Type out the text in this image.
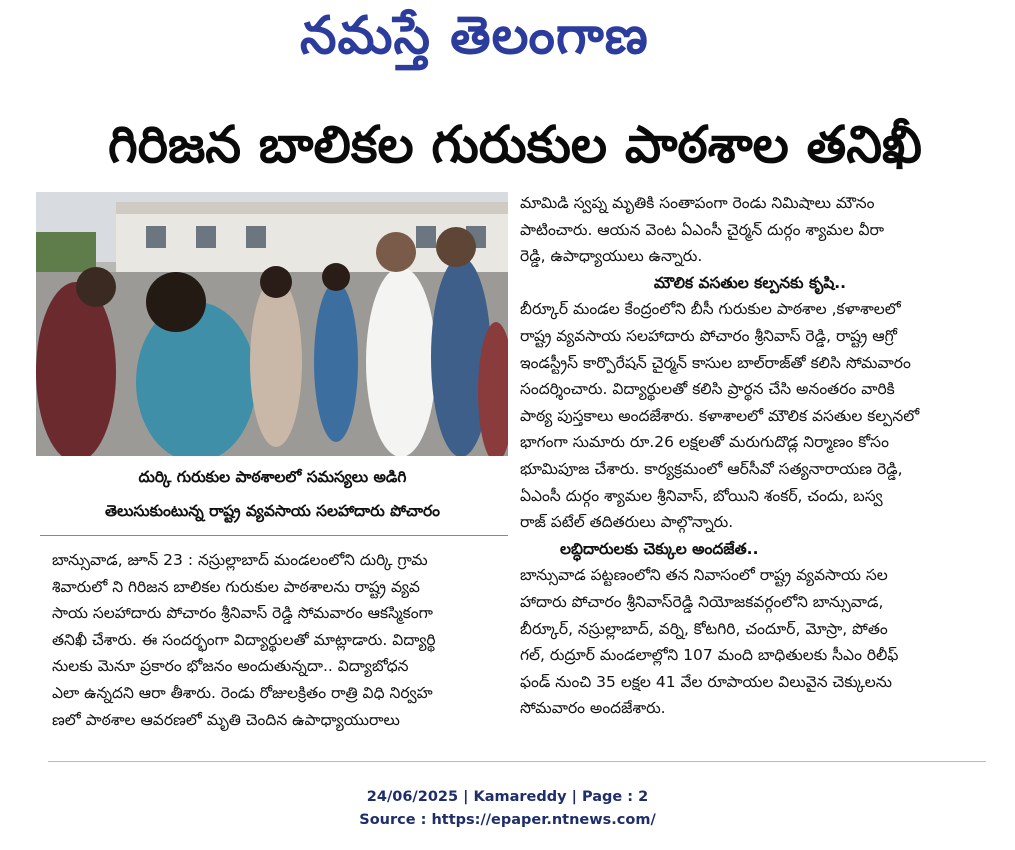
నమస్తే తెలంగాణ
గిరిజన బాలికల గురుకుల పాఠశాల తనిఖీ
దుర్కి గురుకుల పాఠశాలలో సమస్యలు అడిగి
తెలుసుకుంటున్న రాష్ట్ర వ్యవసాయ సలహాదారు పోచారం
బాన్సువాడ, జూన్ 23 : నస్రుల్లాబాద్ మండలంలోని దుర్కి గ్రామ
శివారులో ని గిరిజన బాలికల గురుకుల పాఠశాలను రాష్ట్ర వ్యవ
సాయ సలహాదారు పోచారం శ్రీనివాస్ రెడ్డి సోమవారం ఆకస్మికంగా
తనిఖీ చేశారు. ఈ సందర్భంగా విద్యార్థులతో మాట్లాడారు. విద్యార్థి
నులకు మెనూ ప్రకారం భోజనం అందుతున్నదా.. విద్యాబోధన
ఎలా ఉన్నదని ఆరా తీశారు. రెండు రోజులక్రితం రాత్రి విధి నిర్వహ
ణలో పాఠశాల ఆవరణలో మృతి చెందిన ఉపాధ్యాయురాలు
మామిడి స్వప్న మృతికి సంతాపంగా రెండు నిమిషాలు మౌనం
పాటించారు. ఆయన వెంట ఏఎంసీ చైర్మన్ దుర్గం శ్యామల వీరా
రెడ్డి, ఉపాధ్యాయులు ఉన్నారు.
మౌలిక వసతుల కల్పనకు కృషి..
బీర్కూర్ మండల కేంద్రంలోని బీసీ గురుకుల పాఠశాల ,కళాశాలలో
రాష్ట్ర వ్యవసాయ సలహాదారు పోచారం శ్రీనివాస్ రెడ్డి, రాష్ట్ర ఆగ్రో
ఇండస్ట్రీస్ కార్పొరేషన్ చైర్మన్ కాసుల బాల్‌రాజ్‌తో కలిసి సోమవారం
సందర్శించారు. విద్యార్థులతో కలిసి ప్రార్థన చేసి అనంతరం వారికి
పాఠ్య పుస్తకాలు అందజేశారు. కళాశాలలో మౌలిక వసతుల కల్పనలో
భాగంగా సుమారు రూ.26 లక్షలతో మరుగుదొడ్ల నిర్మాణం కోసం
భూమిపూజ చేశారు. కార్యక్రమంలో ఆర్‌సీవో సత్యనారాయణ రెడ్డి,
ఏఎంసీ దుర్గం శ్యామల శ్రీనివాస్, బోయిని శంకర్, చందు, బస్వ
రాజ్ పటేల్ తదితరులు పాల్గొన్నారు.
లబ్ధిదారులకు చెక్కుల అందజేత..
బాన్సువాడ పట్టణంలోని తన నివాసంలో రాష్ట్ర వ్యవసాయ సల
హాదారు పోచారం శ్రీనివాస్‌రెడ్డి నియోజకవర్గంలోని బాన్సువాడ,
బీర్కూర్, నస్రుల్లాబాద్, వర్ని, కోటగిరి, చందూర్, మోస్రా, పోతం
గల్, రుద్రూర్ మండలాల్లోని 107 మంది బాధితులకు సీఎం రిలీఫ్
ఫండ్ నుంచి 35 లక్షల 41 వేల రూపాయల విలువైన చెక్కులను
సోమవారం అందజేశారు.
24/06/2025 | Kamareddy | Page : 2
Source : https://epaper.ntnews.com/
